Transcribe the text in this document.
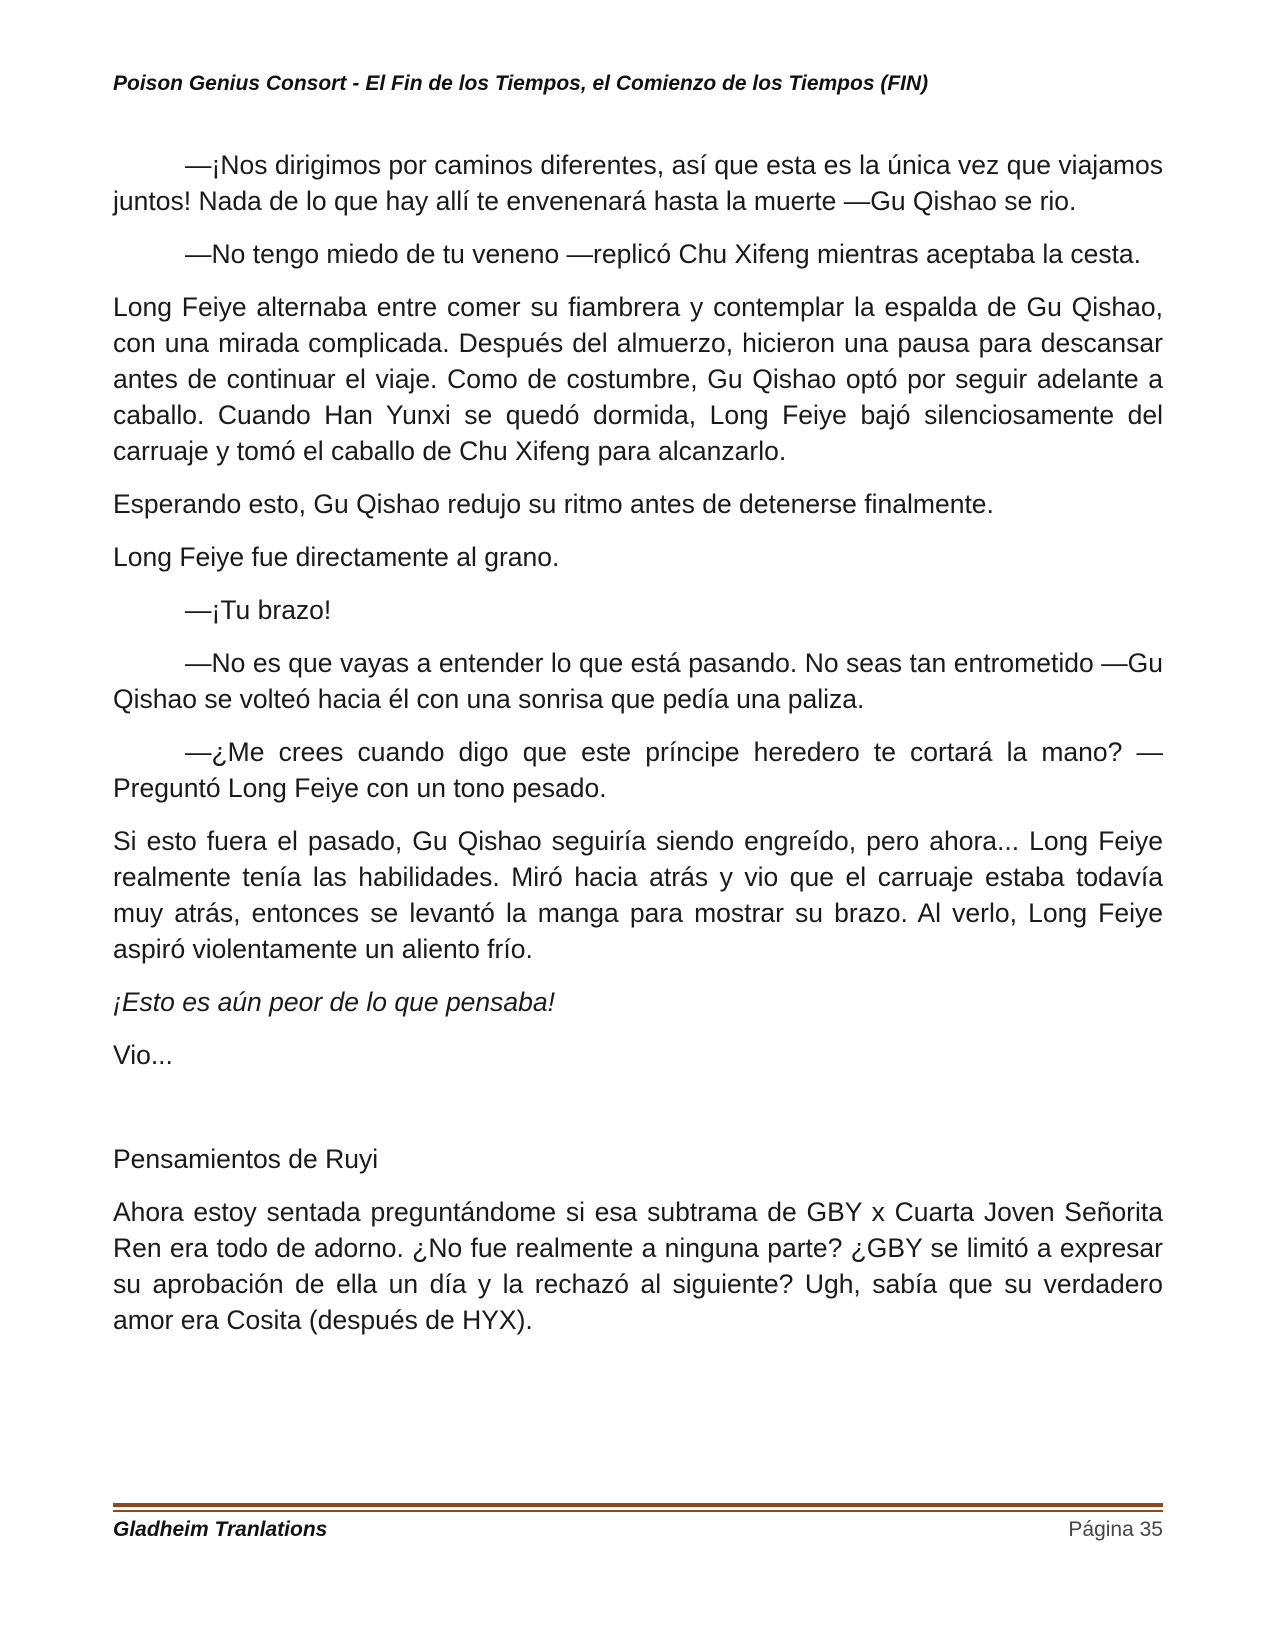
Poison Genius Consort - El Fin de los Tiempos, el Comienzo de los Tiempos (FIN)

—¡Nos dirigimos por caminos diferentes, así que esta es la única vez que viajamos juntos! Nada de lo que hay allí te envenenará hasta la muerte —Gu Qishao se rio.

—No tengo miedo de tu veneno —replicó Chu Xifeng mientras aceptaba la cesta.

Long Feiye alternaba entre comer su fiambrera y contemplar la espalda de Gu Qishao, con una mirada complicada. Después del almuerzo, hicieron una pausa para descansar antes de continuar el viaje. Como de costumbre, Gu Qishao optó por seguir adelante a caballo. Cuando Han Yunxi se quedó dormida, Long Feiye bajó silenciosamente del carruaje y tomó el caballo de Chu Xifeng para alcanzarlo.

Esperando esto, Gu Qishao redujo su ritmo antes de detenerse finalmente.

Long Feiye fue directamente al grano.

—¡Tu brazo!

—No es que vayas a entender lo que está pasando. No seas tan entrometido —Gu Qishao se volteó hacia él con una sonrisa que pedía una paliza.

—¿Me crees cuando digo que este príncipe heredero te cortará la mano? —Preguntó Long Feiye con un tono pesado.

Si esto fuera el pasado, Gu Qishao seguiría siendo engreído, pero ahora... Long Feiye realmente tenía las habilidades. Miró hacia atrás y vio que el carruaje estaba todavía muy atrás, entonces se levantó la manga para mostrar su brazo. Al verlo, Long Feiye aspiró violentamente un aliento frío.

¡Esto es aún peor de lo que pensaba!

Vio...

Pensamientos de Ruyi

Ahora estoy sentada preguntándome si esa subtrama de GBY x Cuarta Joven Señorita Ren era todo de adorno. ¿No fue realmente a ninguna parte? ¿GBY se limitó a expresar su aprobación de ella un día y la rechazó al siguiente? Ugh, sabía que su verdadero amor era Cosita (después de HYX).

Gladheim Tranlations	Página 35
